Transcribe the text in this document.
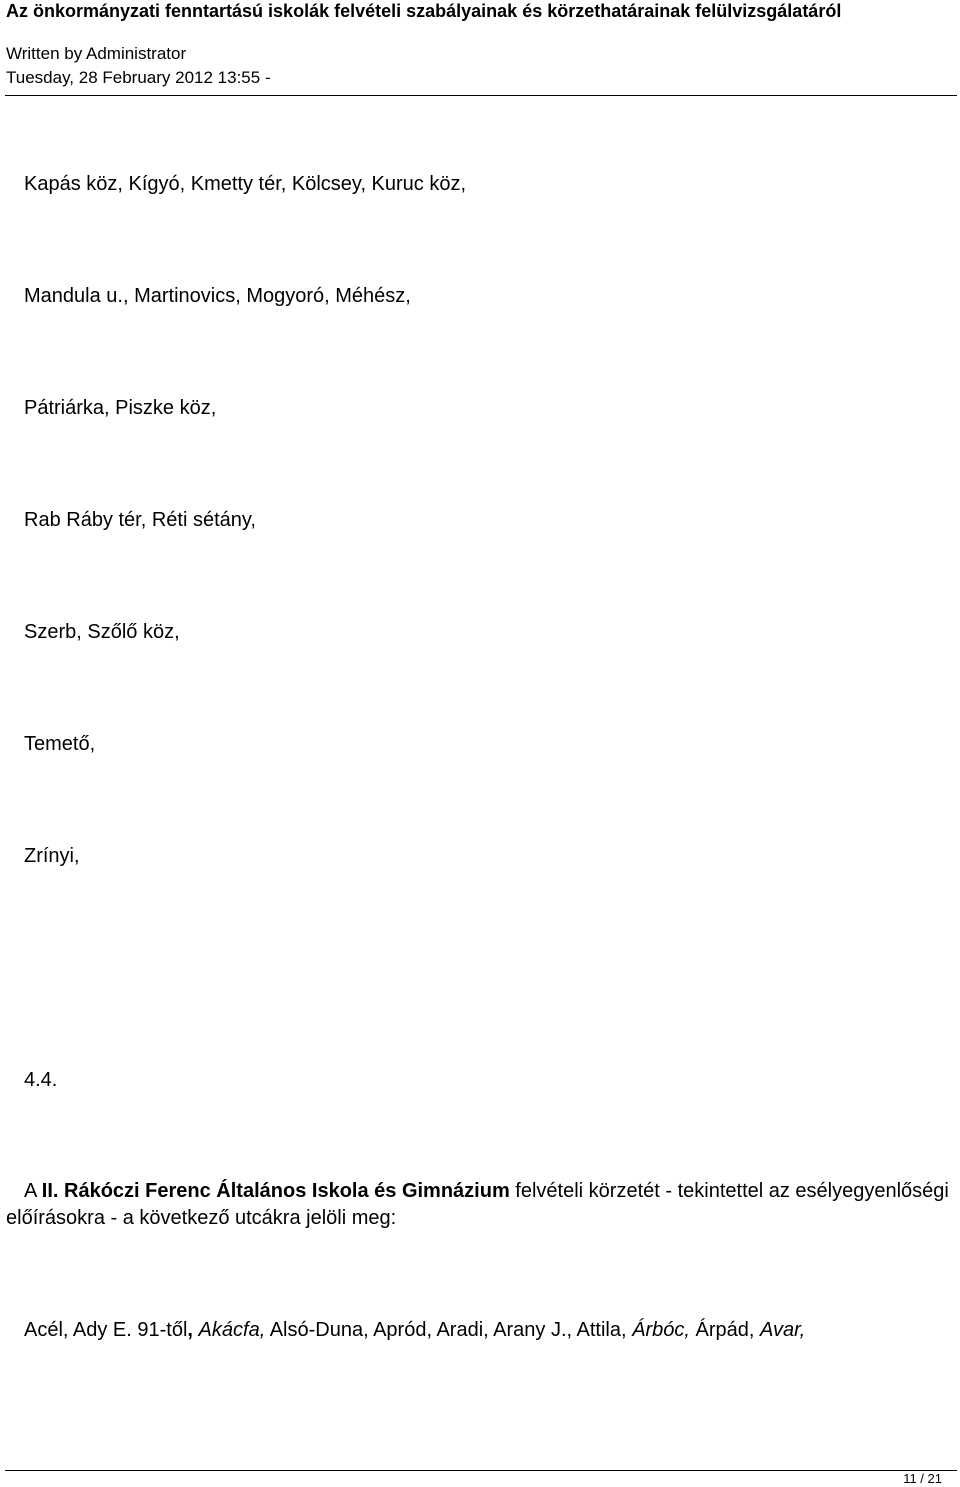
Az önkormányzati fenntartású iskolák felvételi szabályainak és körzethatárainak felülvizsgálatáról
Written by Administrator
Tuesday, 28 February 2012 13:55 -
Kapás köz, Kígyó, Kmetty tér, Kölcsey, Kuruc köz,
Mandula u., Martinovics, Mogyoró, Méhész,
Pátriárka, Piszke köz,
Rab Ráby tér, Réti sétány,
Szerb, Szőlő köz,
Temető,
Zrínyi,
4.4.
A II. Rákóczi Ferenc Általános Iskola és Gimnázium felvételi körzetét - tekintettel az esélyegyenlőségi előírásokra - a következő utcákra jelöli meg:
Acél, Ady E. 91-től, Akácfa, Alsó-Duna, Apród, Aradi, Arany J., Attila, Árbóc, Árpád, Avar,
11 / 21
